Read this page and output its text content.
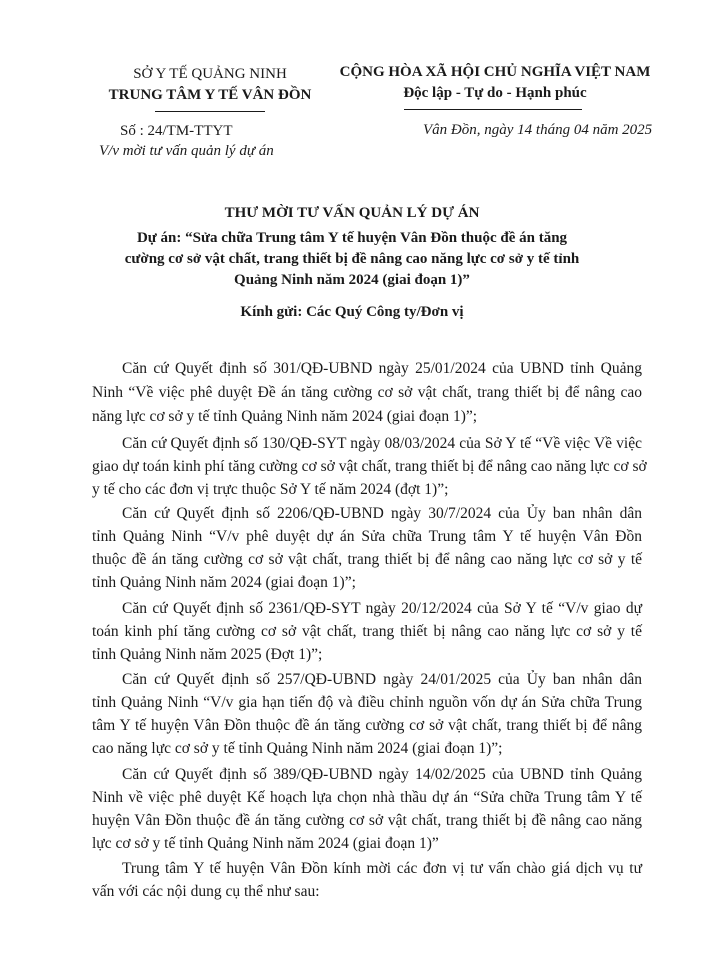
SỞ Y TẾ QUẢNG NINH
TRUNG TÂM Y TẾ VÂN ĐỒN
Số : 24/TM-TTYT
V/v mời tư vấn quản lý dự án
CỘNG HÒA XÃ HỘI CHỦ NGHĨA VIỆT NAM
Độc lập - Tự do - Hạnh phúc
Vân Đồn, ngày 14 tháng 04 năm 2025
THƯ MỜI TƯ VẤN QUẢN LÝ DỰ ÁN
Dự án: “Sửa chữa Trung tâm Y tế huyện Vân Đồn thuộc đề án tăng
cường cơ sở vật chất, trang thiết bị đề nâng cao năng lực cơ sở y tế tỉnh
Quảng Ninh năm 2024 (giai đoạn 1)”
Kính gửi: Các Quý Công ty/Đơn vị
Căn cứ Quyết định số 301/QĐ-UBND ngày 25/01/2024 của UBND tỉnh Quảng
Ninh “Về việc phê duyệt Đề án tăng cường cơ sở vật chất, trang thiết bị để nâng cao
năng lực cơ sở y tế tỉnh Quảng Ninh năm 2024 (giai đoạn 1)”;
Căn cứ Quyết định số 130/QĐ-SYT ngày 08/03/2024 của Sở Y tế “Về việc Về việc
giao dự toán kinh phí tăng cường cơ sở vật chất, trang thiết bị để nâng cao năng lực cơ sở
y tế cho các đơn vị trực thuộc Sở Y tế năm 2024 (đợt 1)”;
Căn cứ Quyết định số 2206/QĐ-UBND ngày 30/7/2024 của Ủy ban nhân dân
tỉnh Quảng Ninh “V/v phê duyệt dự án Sửa chữa Trung tâm Y tế huyện Vân Đồn
thuộc đề án tăng cường cơ sở vật chất, trang thiết bị để nâng cao năng lực cơ sở y tế
tỉnh Quảng Ninh năm 2024 (giai đoạn 1)”;
Căn cứ Quyết định số 2361/QĐ-SYT ngày 20/12/2024 của Sở Y tế “V/v giao dự
toán kinh phí tăng cường cơ sở vật chất, trang thiết bị nâng cao năng lực cơ sở y tế
tỉnh Quảng Ninh năm 2025 (Đợt 1)”;
Căn cứ Quyết định số 257/QĐ-UBND ngày 24/01/2025 của Ủy ban nhân dân
tỉnh Quảng Ninh “V/v gia hạn tiến độ và điều chỉnh nguồn vốn dự án Sửa chữa Trung
tâm Y tế huyện Vân Đồn thuộc đề án tăng cường cơ sở vật chất, trang thiết bị để nâng
cao năng lực cơ sở y tế tỉnh Quảng Ninh năm 2024 (giai đoạn 1)”;
Căn cứ Quyết định số 389/QĐ-UBND ngày 14/02/2025 của UBND tỉnh Quảng
Ninh về việc phê duyệt Kế hoạch lựa chọn nhà thầu dự án “Sửa chữa Trung tâm Y tế
huyện Vân Đồn thuộc đề án tăng cường cơ sở vật chất, trang thiết bị đề nâng cao năng
lực cơ sở y tế tỉnh Quảng Ninh năm 2024 (giai đoạn 1)”
Trung tâm Y tế huyện Vân Đồn kính mời các đơn vị tư vấn chào giá dịch vụ tư
vấn với các nội dung cụ thể như sau:
